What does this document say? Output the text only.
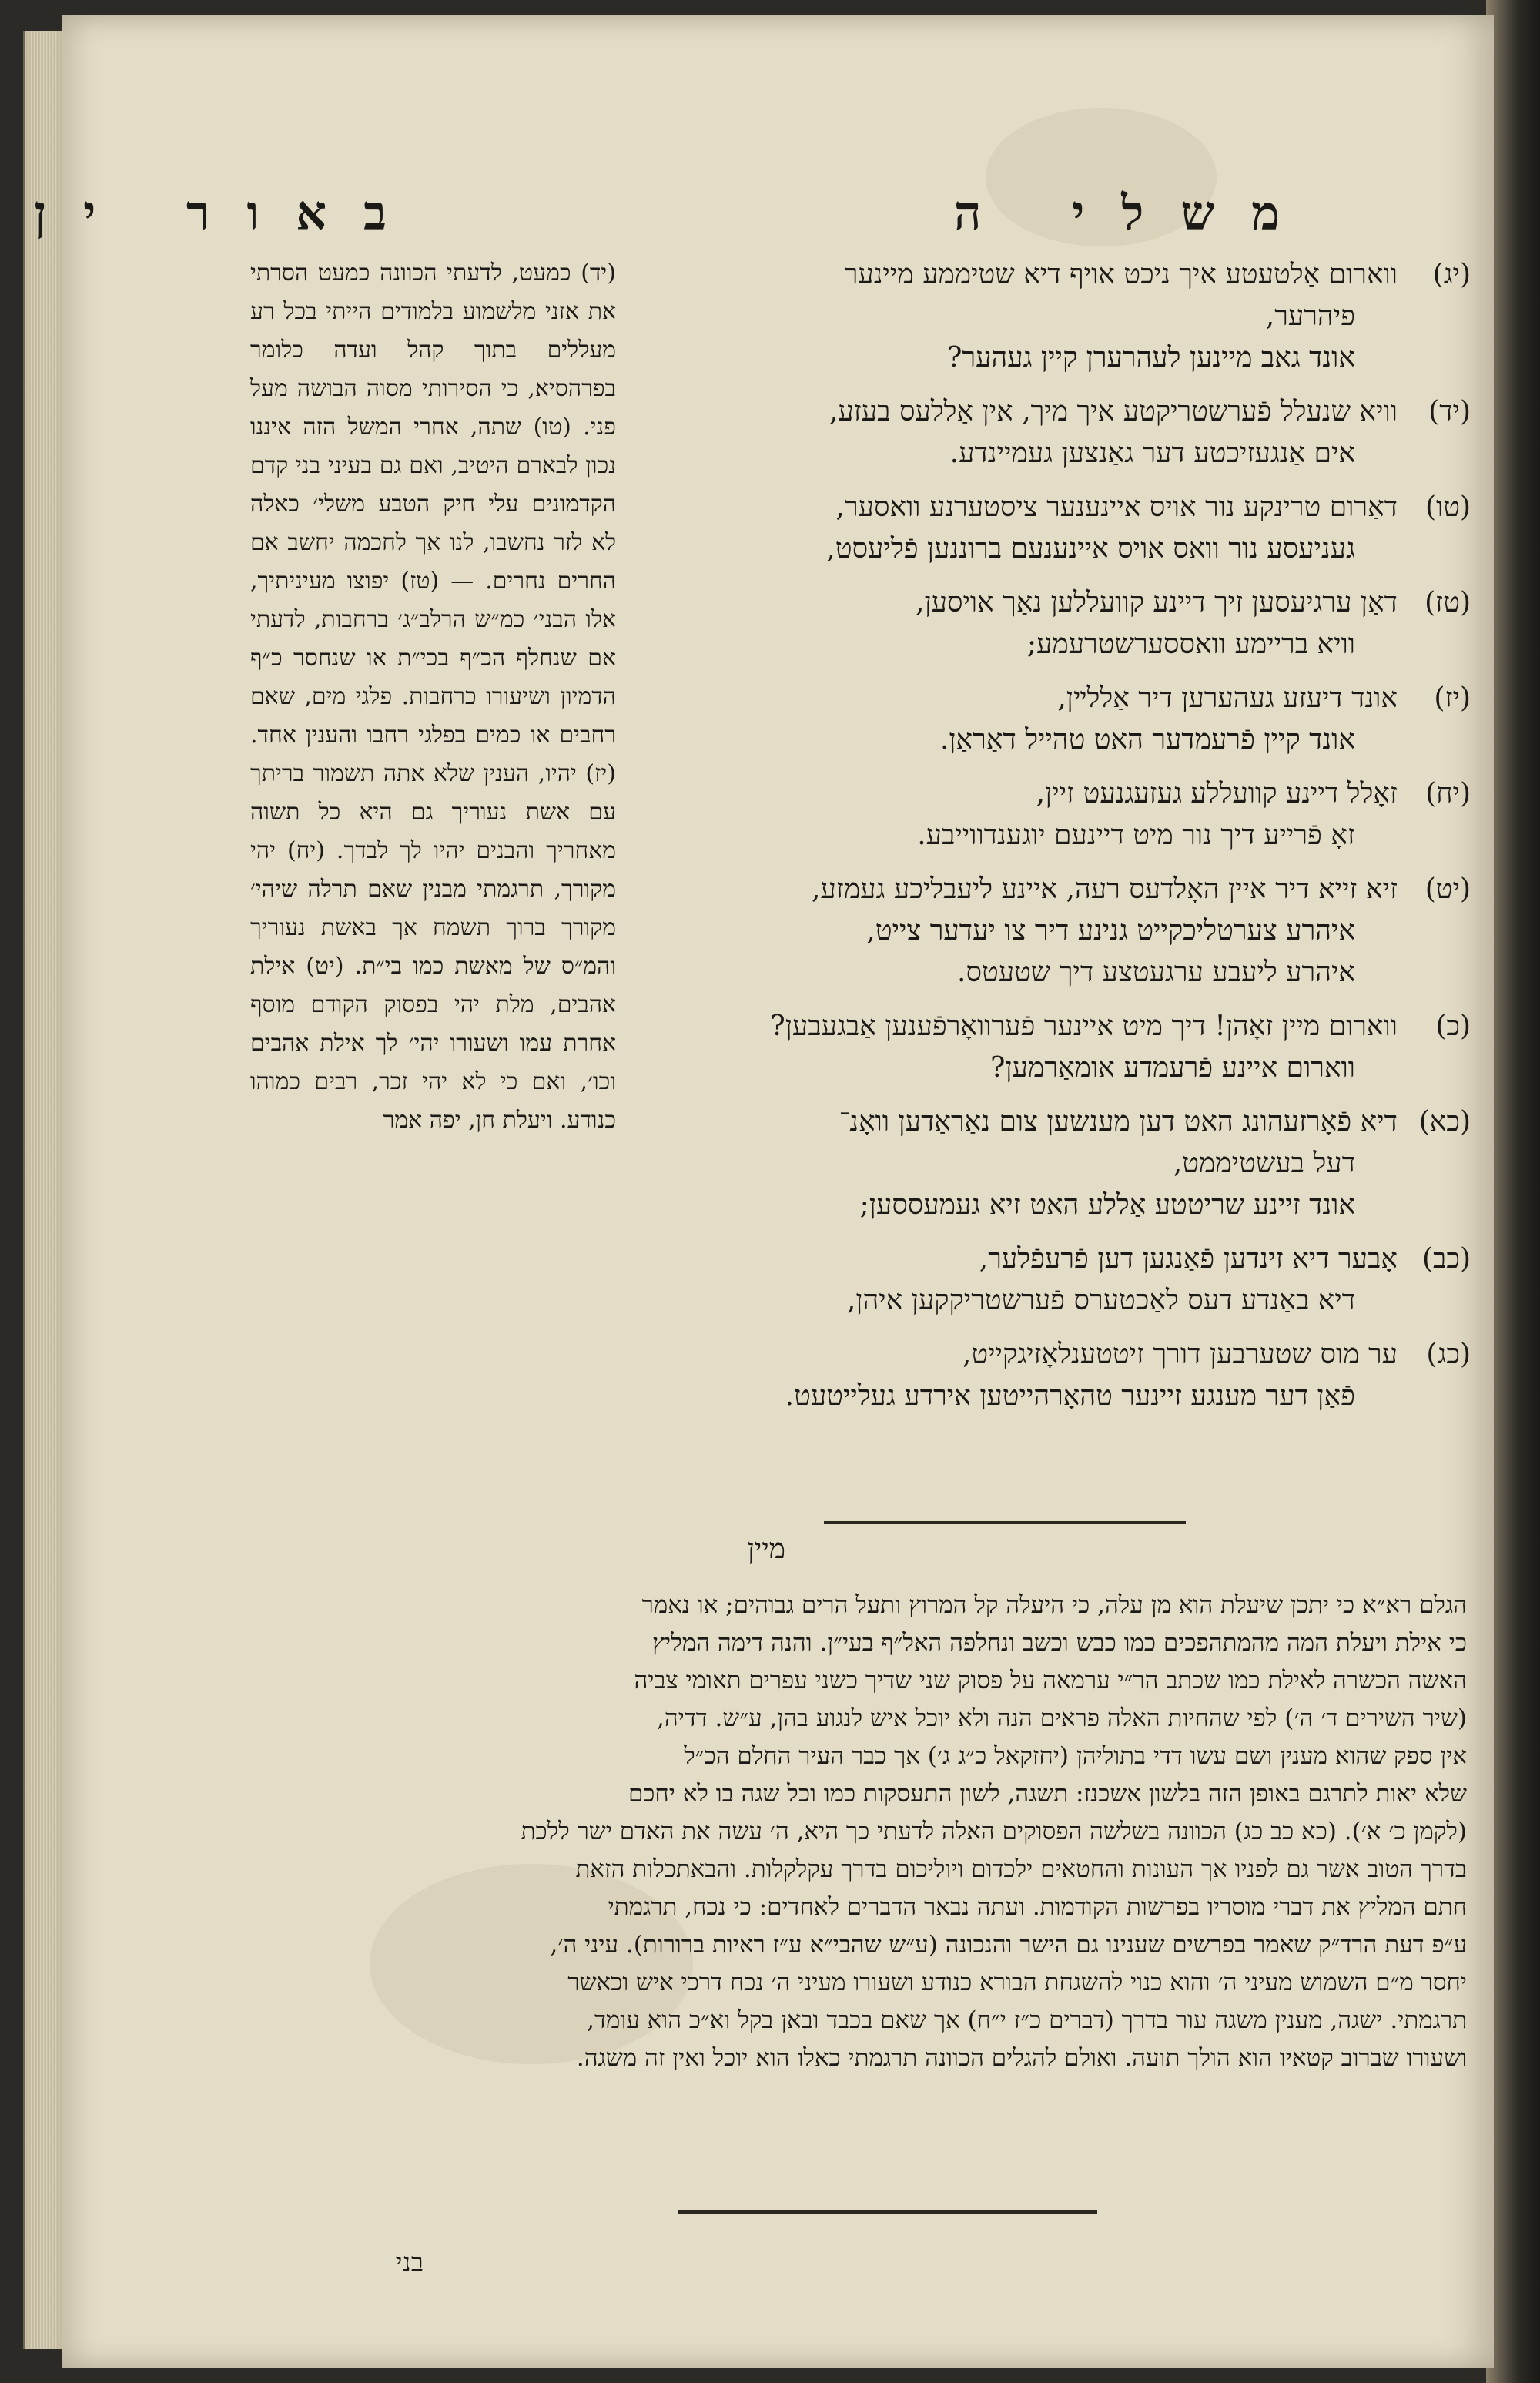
משלי ה
באור ין
(יג)ווארום אַלטעטע איך ניכט אויף דיא שטיממע מיינער
פיהרער,
אונד גאב מיינען לעהרערן קיין געהער?
(יד)וויא שנעלל פֿערשטריקטע איך מיך, אין אַללעס בעזע,
אים אַנגעזיכטע דער גאַנצען געמיינדע.
(טו)דאַרום טרינקע נור אויס איינענער ציסטערנע וואסער,
געניעסע נור וואס אויס איינענעם ברוננען פֿליעסט,
(טז)דאַן ערגיעסען זיך דיינע קוועללען נאַך אויסען,
וויא בריימע וואססערשטרעמע;
(יז)אונד דיעזע געהערען דיר אַללײן,
אונד קיין פֿרעמדער האט טהייל דאַראַן.
(יח)זאָלל דיינע קוועללע געזעגנעט זיין,
זאָ פֿרייע דיך נור מיט דיינעם יוגענדווייבע.
(יט)זיא זייא דיר איין האָלדעס רעה, איינע ליעבליכע געמזע,
איהרע צערטליכקייט גנינע דיר צו יעדער צייט,
איהרע ליעבע ערגעטצע דיך שטעטס.
(כ)ווארום מיין זאָהן! דיך מיט איינער פֿערוואָרפֿענען אַבגעבען?
ווארום איינע פֿרעמדע אומאַרמען?
(כא)דיא פֿאָרזעהונג האט דען מענשען צום נאַראַדען וואָנ־
דעל בעשטיממט,
אונד זיינע שריטטע אַללע האט זיא געמעססען;
(כב)אָבער דיא זינדען פֿאַנגען דען פֿרעפֿלער,
דיא באַנדע דעס לאַכטערס פֿערשטריקקען איהן,
(כג)ער מוס שטערבען דורך זיטטענלאָזיגקייט,
פֿאַן דער מענגע זיינער טהאָרהייטען אירדע געלייטעט.
(יד) כמעט, לדעתי הכוונה כמעט הסרתי את אזני מלשמוע בלמודים הייתי בכל רע מעללים בתוך קהל ועדה כלומר בפרהסיא, כי הסירותי מסוה הבושה מעל פני. (טו) שתה, אחרי המשל הזה איננו נכון לבארם היטיב, ואם גם בעיני בני קדם הקדמונים עלי חיק הטבע משלי׳ כאלה לא לזר נחשבו, לנו אך לחכמה יחשב אם החרים נחרים. — (טז) יפוצו מעיניתיך, אלו הבני׳ כמ״ש הרלב״ג׳ ברחבות, לדעתי אם שנחלף הכ״ף בכי״ת או שנחסר כ״ף הדמיון ושיעורו כרחבות. פלגי מים, שאם רחבים או כמים בפלגי רחבו והענין אחד. (יז) יהיו, הענין שלא אתה תשמור בריתך עם אשת נעוריך גם היא כל תשוה מאחריך והבנים יהיו לך לבדך. (יח) יהי מקורך, תרגמתי מבנין שאם תרלה שיהי׳ מקורך ברוך תשמח אך באשת נעוריך והמ״ס של מאשת כמו בי״ת. (יט) אילת אהבים, מלת יהי בפסוק הקודם מוסף אחרת עמו ושעורו יהי׳ לך אילת אהבים וכו׳, ואם כי לא יהי זכר, רבים כמוהו כנודע. ויעלת חן, יפה אמר
מיין
הגלם רא״א כי יתכן שיעלת הוא מן עלה, כי היעלה קל המרוץ ותעל הרים גבוהים; או נאמר
כי אילת ויעלת המה מהמתהפכים כמו כבש וכשב ונחלפה האל״ף בעי״ן. והנה דימה המליץ
האשה הכשרה לאילת כמו שכתב הר״י ערמאה על פסוק שני שדיך כשני עפרים תאומי צביה
(שיר השירים ד׳ ה׳) לפי שהחיות האלה פראים הנה ולא יוכל איש לנגוע בהן, ע״ש. דדיה,
אין ספק שהוא מענין ושם עשו דדי בתוליהן (יחזקאל כ״ג ג׳) אך כבר העיר החלם הכ״ל
שלא יאות לתרגם באופן הזה בלשון אשכנז: תשגה, לשון התעסקות כמו וכל שגה בו לא יחכם
(לקמן כ׳ א׳). (כא כב כג) הכוונה בשלשה הפסוקים האלה לדעתי כך היא, ה׳ עשה את האדם ישר ללכת
בדרך הטוב אשר גם לפניו אך העונות והחטאים ילכדום ויוליכום בדרך עקלקלות. והבאתכלות הזאת
חתם המליץ את דברי מוסריו בפרשות הקודמות. ועתה נבאר הדברים לאחדים: כי נכח, תרגמתי
ע״פ דעת הרד״ק שאמר בפרשים שענינו גם הישר והנכונה (ע״ש שהבי״א ע״ז ראיות ברורות). עיני ה׳,
יחסר מ״ם השמוש מעיני ה׳ והוא כנוי להשגחת הבורא כנודע ושעורו מעיני ה׳ נכח דרכי איש וכאשר
תרגמתי. ישגה, מענין משגה עור בדרך (דברים כ״ז י״ח) אך שאם בכבד ובאן בקל וא״כ הוא עומד,
ושעורו שברוב קטאיו הוא הולך תועה. ואולם להגלים הכוונה תרגמתי כאלו הוא יוכל ואין זה משגה.
בני
